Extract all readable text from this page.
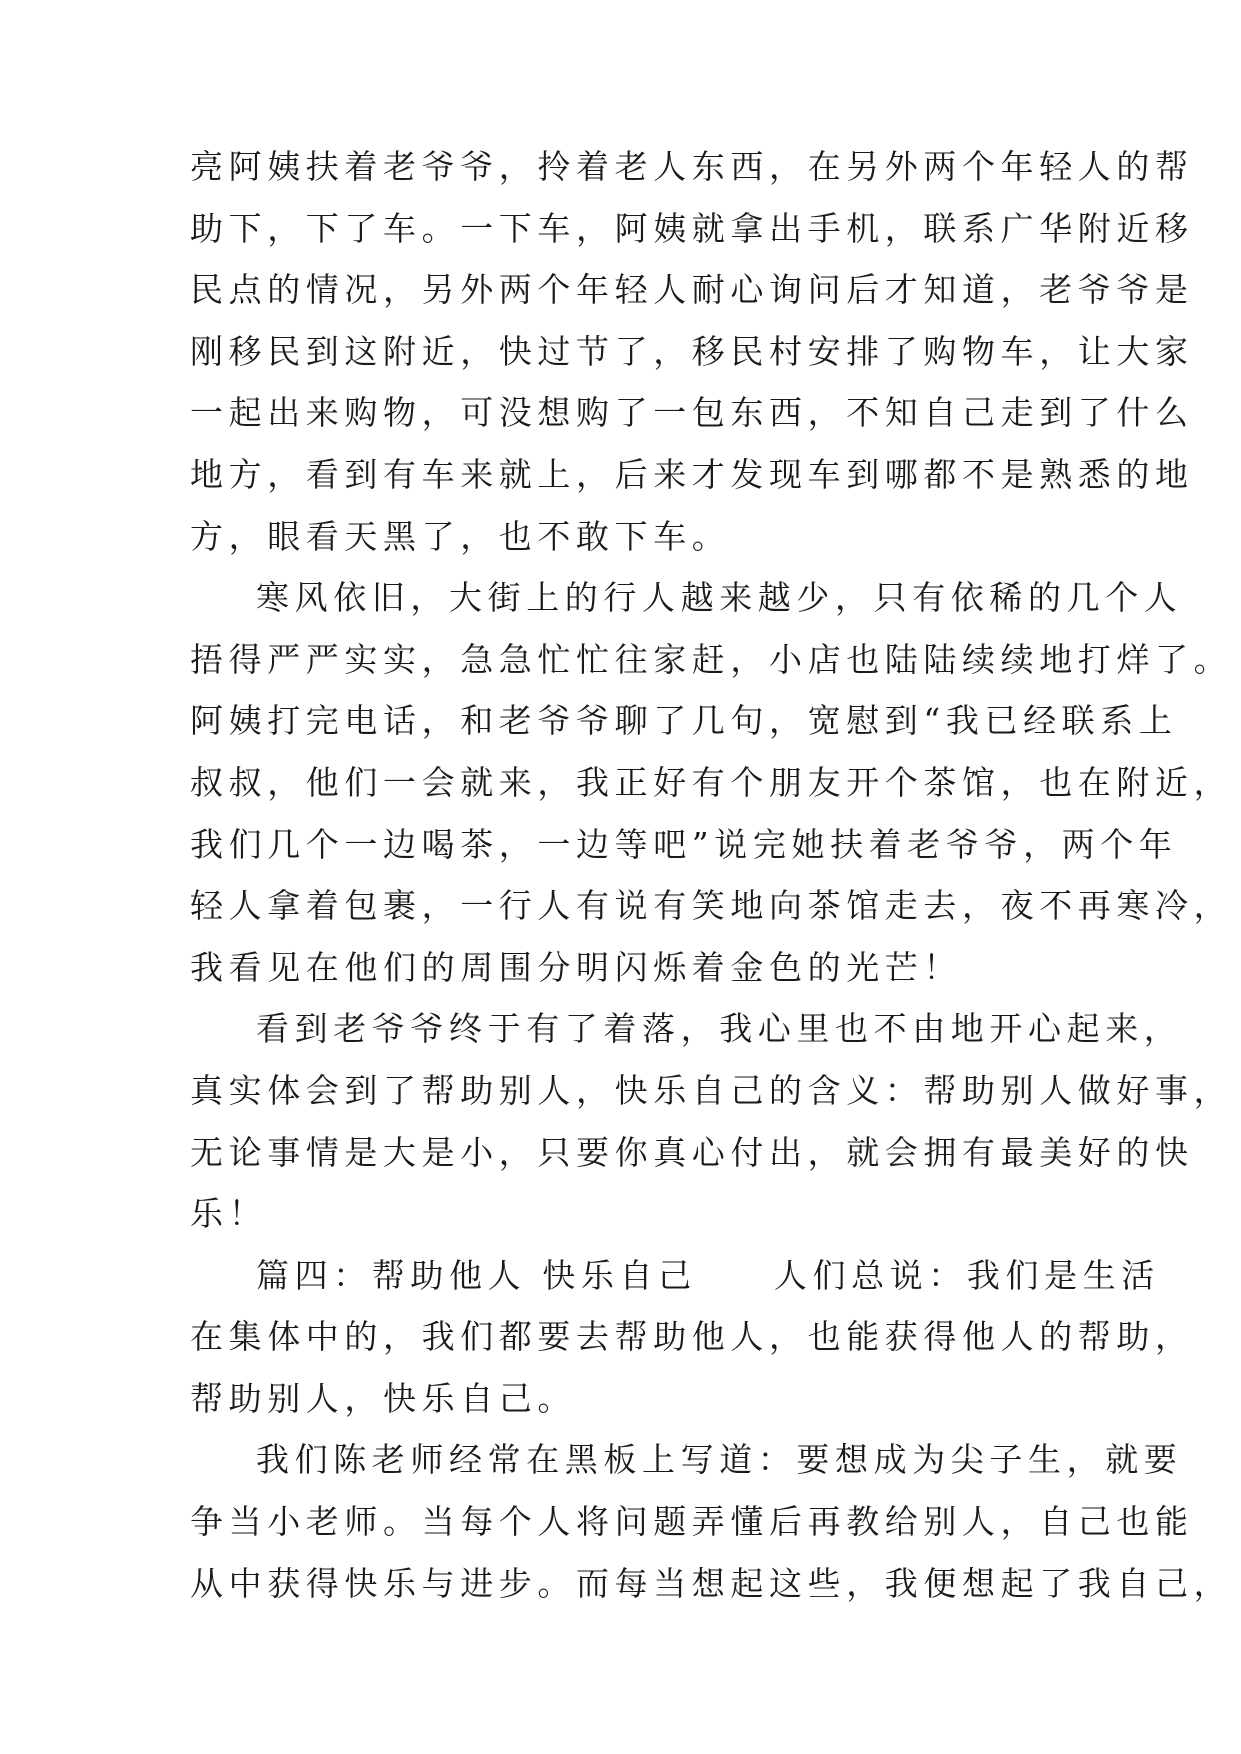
亮阿姨扶着老爷爷，拎着老人东西，在另外两个年轻人的帮
助下，下了车。一下车，阿姨就拿出手机，联系广华附近移
民点的情况，另外两个年轻人耐心询问后才知道，老爷爷是
刚移民到这附近，快过节了，移民村安排了购物车，让大家
一起出来购物，可没想购了一包东西，不知自己走到了什么
地方，看到有车来就上，后来才发现车到哪都不是熟悉的地
方，眼看天黑了，也不敢下车。
寒风依旧，大街上的行人越来越少，只有依稀的几个人
捂得严严实实，急急忙忙往家赶，小店也陆陆续续地打烊了。
阿姨打完电话，和老爷爷聊了几句，宽慰到“我已经联系上
叔叔，他们一会就来，我正好有个朋友开个茶馆，也在附近，
我们几个一边喝茶，一边等吧”说完她扶着老爷爷，两个年
轻人拿着包裹，一行人有说有笑地向茶馆走去，夜不再寒冷，
我看见在他们的周围分明闪烁着金色的光芒！
看到老爷爷终于有了着落，我心里也不由地开心起来，
真实体会到了帮助别人，快乐自己的含义：帮助别人做好事，
无论事情是大是小，只要你真心付出，就会拥有最美好的快
乐！
篇四：帮助他人 快乐自己　　人们总说：我们是生活
在集体中的，我们都要去帮助他人，也能获得他人的帮助，
帮助别人，快乐自己。
我们陈老师经常在黑板上写道：要想成为尖子生，就要
争当小老师。当每个人将问题弄懂后再教给别人，自己也能
从中获得快乐与进步。而每当想起这些，我便想起了我自己，
